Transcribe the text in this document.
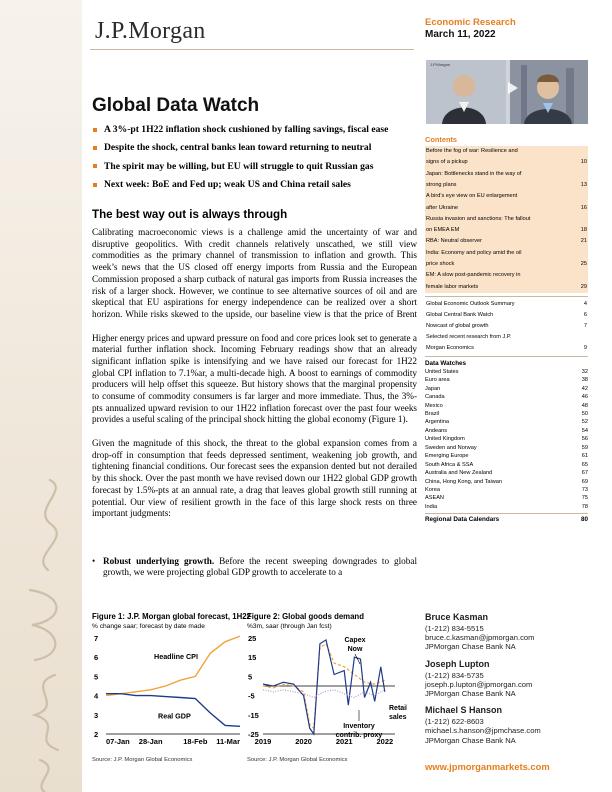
J.P.Morgan	Economic Research
March 11, 2022
J.P.Morgan
Global Data Watch
A 3%-pt 1H22 inflation shock cushioned by falling savings, fiscal ease
Despite the shock, central banks lean toward returning to neutral
The spirit may be willing, but EU will struggle to quit Russian gas
Next week: BoE and Fed up; weak US and China retail sales
The best way out is always through

Calibrating macroeconomic views is a challenge amid the uncertainty of war and disruptive geopolitics. With credit channels relatively unscathed, we still view commodities as the primary channel of transmission to inflation and growth. This week’s news that the US closed off energy imports from Russia and the European Commission proposed a sharp cutback of natural gas imports from Russia increases the risk of a larger shock. However, we continue to see alternative sources of oil and are skeptical that EU aspirations for energy independence can be realized over a short horizon. While risks skewed to the upside, our baseline view is that the price of Brent

Higher energy prices and upward pressure on food and core prices look set to generate a material further inflation shock. Incoming February readings show that an already significant inflation spike is intensifying and we have raised our forecast for 1H22 global CPI inflation to 7.1%ar, a multi-decade high. A boost to earnings of commodity producers will help offset this squeeze. But history shows that the marginal propensity to consume of commodity consumers is far larger and more immediate. Thus, the 3%-pts annualized upward revision to our 1H22 inflation forecast over the past four weeks provides a useful scaling of the principal shock hitting the global economy (Figure 1).

Given the magnitude of this shock, the threat to the global expansion comes from a drop-off in consumption that feeds depressed sentiment, weakening job growth, and tightening financial conditions. Our forecast sees the expansion dented but not derailed by this shock. Over the past month we have revised down our 1H22 global GDP growth forecast by 1.5%-pts at an annual rate, a drag that leaves global growth still running at potential. Our view of resilient growth in the face of this large shock rests on three important judgments:

• Robust underlying growth. Before the recent sweeping downgrades to global growth, we were projecting global GDP growth to accelerate to a

Contents
Before the fog of war: Resilience and
signs of a pickup	10
Japan: Bottlenecks stand in the way of
strong plans	13
A bird’s eye view on EU enlargement
after Ukraine	16
Russia invasion and sanctions: The fallout
on EMEA EM	18
RBA: Neutral observer	21
India: Economy and policy amid the oil
price shock	25
EM: A slow post-pandemic recovery in
female labor markets	29
Global Economic Outlook Summary	4
Global Central Bank Watch	6
Nowcast of global growth	7
Selected recent research from J.P.
Morgan Economics	9
Data Watches
United States	32
Euro area	38
Japan	42
Canada	46
Mexico	48
Brazil	50
Argentina	52
Andeans	54
United Kingdom	56
Sweden and Norway	59
Emerging Europe	61
South Africa & SSA	65
Australia and New Zealand	67
China, Hong Kong, and Taiwan	69
Korea	73
ASEAN	75
India	78
Regional Data Calendars	80
Figure 1: J.P. Morgan global forecast, 1H22
% change saar; forecast by date made
2
3
4
5
6
7
07-Jan 28-Jan	18-Feb 11-Mar
Headline CPI
Real GDP
Source: J.P. Morgan Global Economics
Figure 2: Global goods demand
%3m, saar (through Jan fcst)
25
15
5
-5
-15
-25
2019	2020	2021	2022
Capex
Now
Retail
sales
Inventory
contrib. proxy
Source: J.P. Morgan Global Economics
Bruce Kasman
(1-212) 834-5515
bruce.c.kasman@jpmorgan.com
JPMorgan Chase Bank NA
Joseph Lupton
(1-212) 834-5735
joseph.p.lupton@jpmorgan.com
JPMorgan Chase Bank NA
Michael S Hanson
(1-212) 622-8603
michael.s.hanson@jpmchase.com
JPMorgan Chase Bank NA
www.jpmorganmarkets.com
